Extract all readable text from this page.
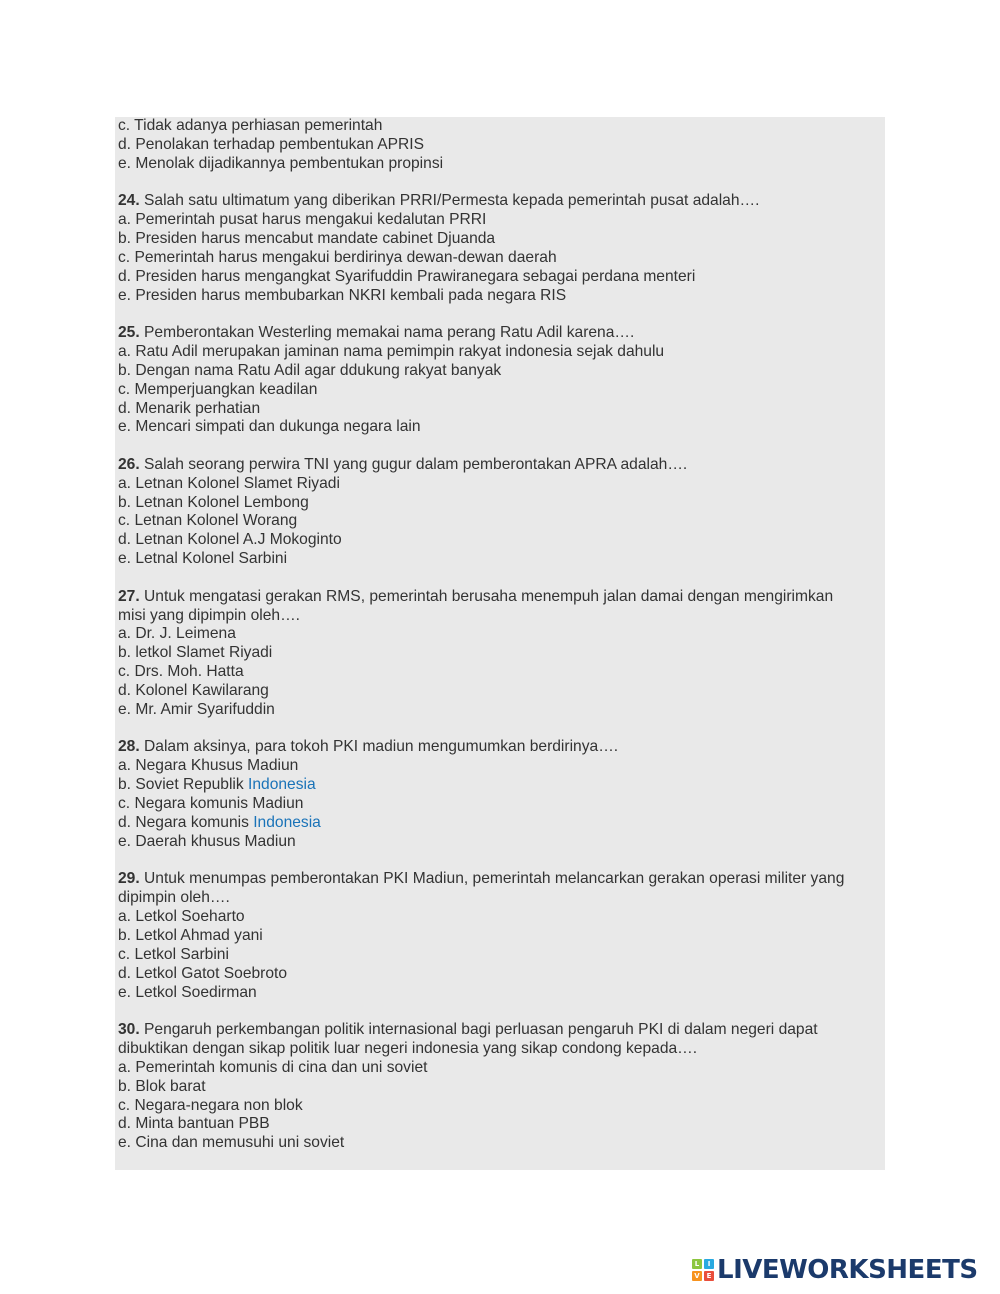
c. Tidak adanya perhiasan pemerintah
d. Penolakan terhadap pembentukan APRIS
e. Menolak dijadikannya pembentukan propinsi
24. Salah satu ultimatum yang diberikan PRRI/Permesta kepada pemerintah pusat adalah….
a. Pemerintah pusat harus mengakui kedalutan PRRI
b. Presiden harus mencabut mandate cabinet Djuanda
c. Pemerintah harus mengakui berdirinya dewan-dewan daerah
d. Presiden harus mengangkat Syarifuddin Prawiranegara sebagai perdana menteri
e. Presiden harus membubarkan NKRI kembali pada negara RIS
25. Pemberontakan Westerling memakai nama perang Ratu Adil karena….
a. Ratu Adil merupakan jaminan nama pemimpin rakyat indonesia sejak dahulu
b. Dengan nama Ratu Adil agar ddukung rakyat banyak
c. Memperjuangkan keadilan
d. Menarik perhatian
e. Mencari simpati dan dukunga negara lain
26. Salah seorang perwira TNI yang gugur dalam pemberontakan APRA adalah….
a. Letnan Kolonel Slamet Riyadi
b. Letnan Kolonel Lembong
c. Letnan Kolonel Worang
d. Letnan Kolonel A.J Mokoginto
e. Letnal Kolonel Sarbini
27. Untuk mengatasi gerakan RMS, pemerintah berusaha menempuh jalan damai dengan mengirimkan
misi yang dipimpin oleh….
a. Dr. J. Leimena
b. letkol Slamet Riyadi
c. Drs. Moh. Hatta
d. Kolonel Kawilarang
e. Mr. Amir Syarifuddin
28. Dalam aksinya, para tokoh PKI madiun mengumumkan berdirinya….
a. Negara Khusus Madiun
b. Soviet Republik Indonesia
c. Negara komunis Madiun
d. Negara komunis Indonesia
e. Daerah khusus Madiun
29. Untuk menumpas pemberontakan PKI Madiun, pemerintah melancarkan gerakan operasi militer yang
dipimpin oleh….
a. Letkol Soeharto
b. Letkol Ahmad yani
c. Letkol Sarbini
d. Letkol Gatot Soebroto
e. Letkol Soedirman
30. Pengaruh perkembangan politik internasional bagi perluasan pengaruh PKI di dalam negeri dapat
dibuktikan dengan sikap politik luar negeri indonesia yang sikap condong kepada….
a. Pemerintah komunis di cina dan uni soviet
b. Blok barat
c. Negara-negara non blok
d. Minta bantuan PBB
e. Cina dan memusuhi uni soviet
L	I
V E LIVEWORKSHEETS
